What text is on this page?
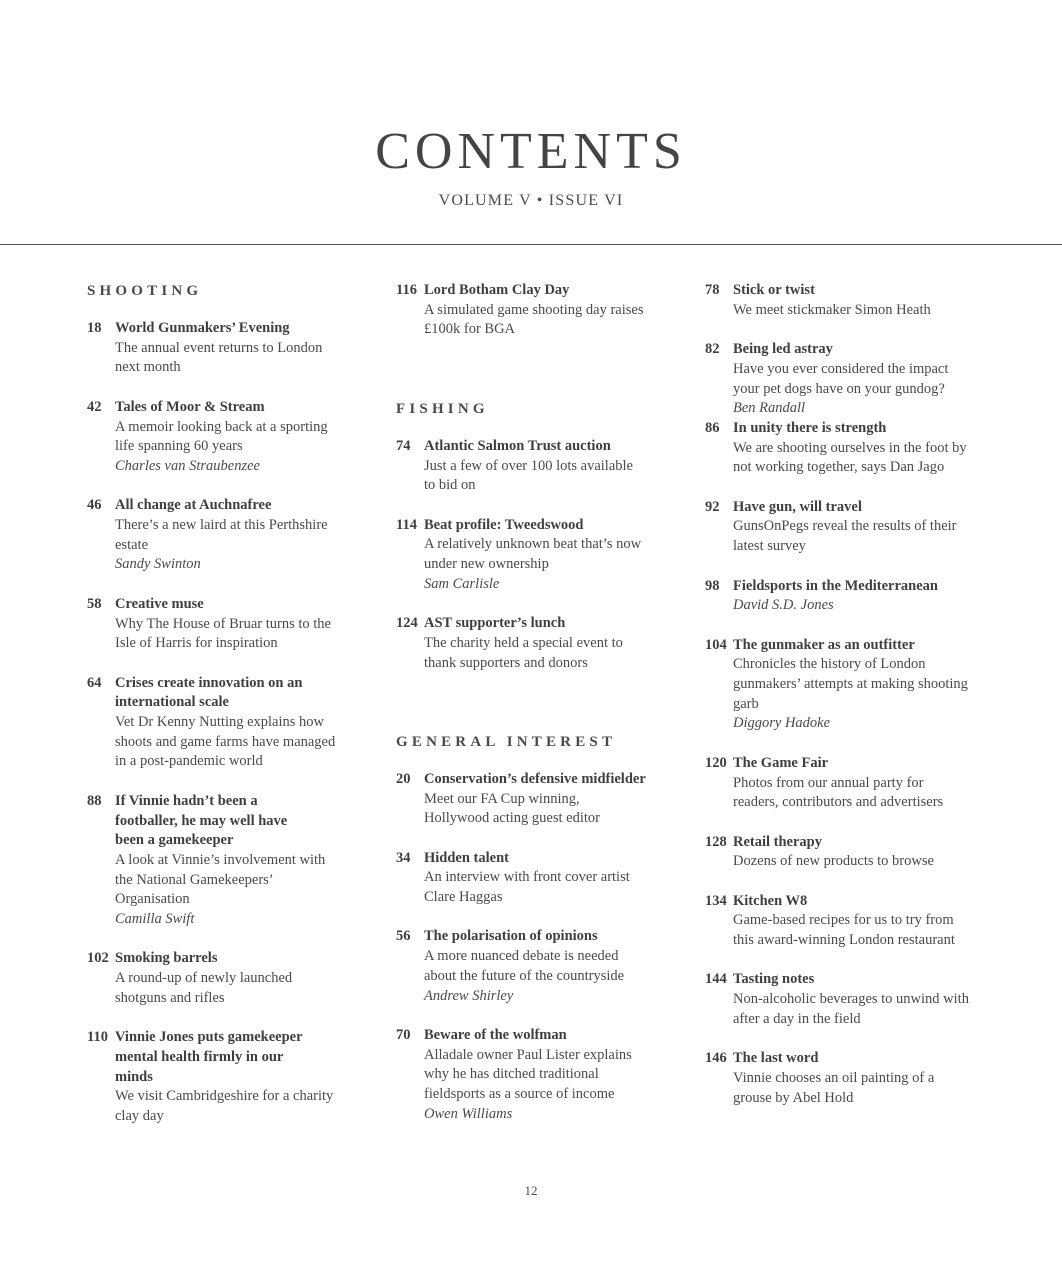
CONTENTS
VOLUME V • ISSUE VI
SHOOTING
18 World Gunmakers’ Evening
The annual event returns to London next month
42 Tales of Moor & Stream
A memoir looking back at a sporting life spanning 60 years
Charles van Straubenzee
46 All change at Auchnafree
There’s a new laird at this Perthshire estate
Sandy Swinton
58 Creative muse
Why The House of Bruar turns to the Isle of Harris for inspiration
64 Crises create innovation on an international scale
Vet Dr Kenny Nutting explains how shoots and game farms have managed in a post-pandemic world
88 If Vinnie hadn’t been a footballer, he may well have been a gamekeeper
A look at Vinnie’s involvement with the National Gamekeepers’ Organisation
Camilla Swift
102 Smoking barrels
A round-up of newly launched shotguns and rifles
110 Vinnie Jones puts gamekeeper mental health firmly in our minds
We visit Cambridgeshire for a charity clay day
116 Lord Botham Clay Day
A simulated game shooting day raises £100k for BGA
FISHING
74 Atlantic Salmon Trust auction
Just a few of over 100 lots available to bid on
114 Beat profile: Tweedswood
A relatively unknown beat that’s now under new ownership
Sam Carlisle
124 AST supporter’s lunch
The charity held a special event to thank supporters and donors
GENERAL INTEREST
20 Conservation’s defensive midfielder
Meet our FA Cup winning, Hollywood acting guest editor
34 Hidden talent
An interview with front cover artist Clare Haggas
56 The polarisation of opinions
A more nuanced debate is needed about the future of the countryside
Andrew Shirley
70 Beware of the wolfman
Alladale owner Paul Lister explains why he has ditched traditional fieldsports as a source of income
Owen Williams
78 Stick or twist
We meet stickmaker Simon Heath
82 Being led astray
Have you ever considered the impact your pet dogs have on your gundog?
Ben Randall
86 In unity there is strength
We are shooting ourselves in the foot by not working together, says Dan Jago
92 Have gun, will travel
GunsOnPegs reveal the results of their latest survey
98 Fieldsports in the Mediterranean
David S.D. Jones
104 The gunmaker as an outfitter
Chronicles the history of London gunmakers’ attempts at making shooting garb
Diggory Hadoke
120 The Game Fair
Photos from our annual party for readers, contributors and advertisers
128 Retail therapy
Dozens of new products to browse
134 Kitchen W8
Game-based recipes for us to try from this award-winning London restaurant
144 Tasting notes
Non-alcoholic beverages to unwind with after a day in the field
146 The last word
Vinnie chooses an oil painting of a grouse by Abel Hold
12
